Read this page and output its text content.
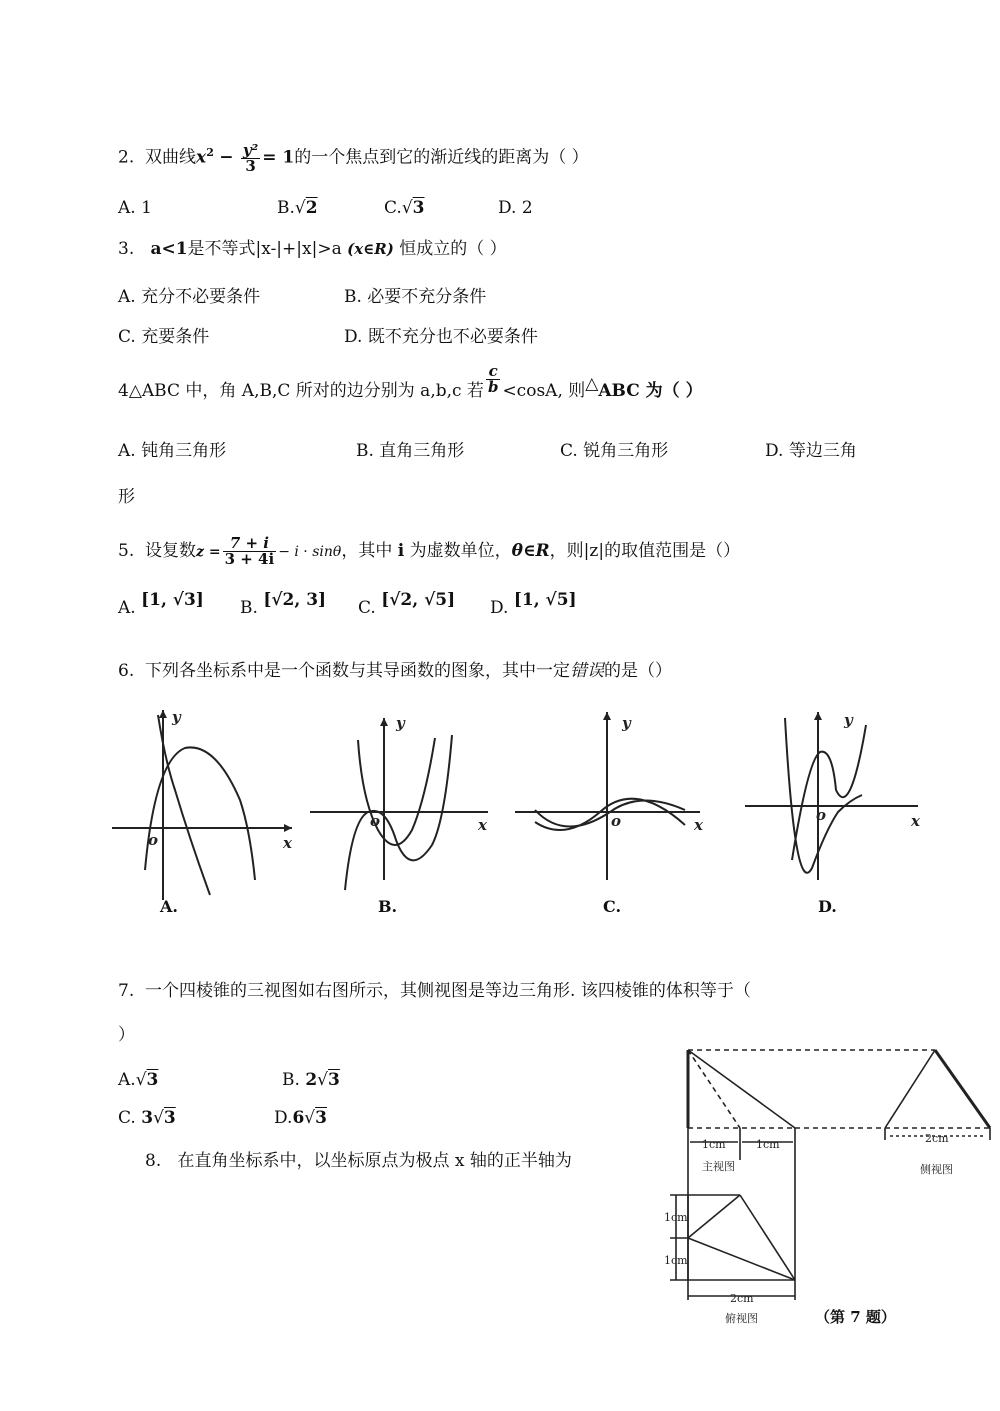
2. 双曲线$x^2 - \frac{\text{y²}}{3} = 1$的一个焦点到它的渐近线的距离为（ ）
A. 1	B.√2	C.√3	D. 2
3. a<1是不等式|x-|+|x|>a (x∈R) 恒成立的（ ）
A. 充分不必要条件	B. 必要不充分条件
C. 充要条件	D. 既不充分也不必要条件
4△ABC 中，角 A,B,C 所对的边分别为 a,b,c 若 $\frac{c}{b} <\cos A$, 则△ABC 为（ ）
A. 钝角三角形	B. 直角三角形	C. 锐角三角形	D. 等边三角
形
5. 设复数$z = \frac{7 + i}{3 + 4i} - i \cdot \sin\theta$，其中 i 为虚数单位，θ∈R，则|z|的取值范围是（）
A. [1, √3] B. [√2, 3] C. [√2, √5] D. [1, √5]
6. 下列各坐标系中是一个函数与其导函数的图象，其中一定错误的是（）
y
x
o
y
x
o
y
x
o
y
x
o
A.	B.	C.	D.
7. 一个四棱锥的三视图如右图所示，其侧视图是等边三角形. 该四棱锥的体积等于（
）
A.√3	B. 2√3
C. 3√3	D.6√3
8. 在直角坐标系中，以坐标原点为极点 x 轴的正半轴为
1cm	1cm
主视图
2cm
侧视图
1cm
1cm
2cm
俯视图	（第 7 题）
